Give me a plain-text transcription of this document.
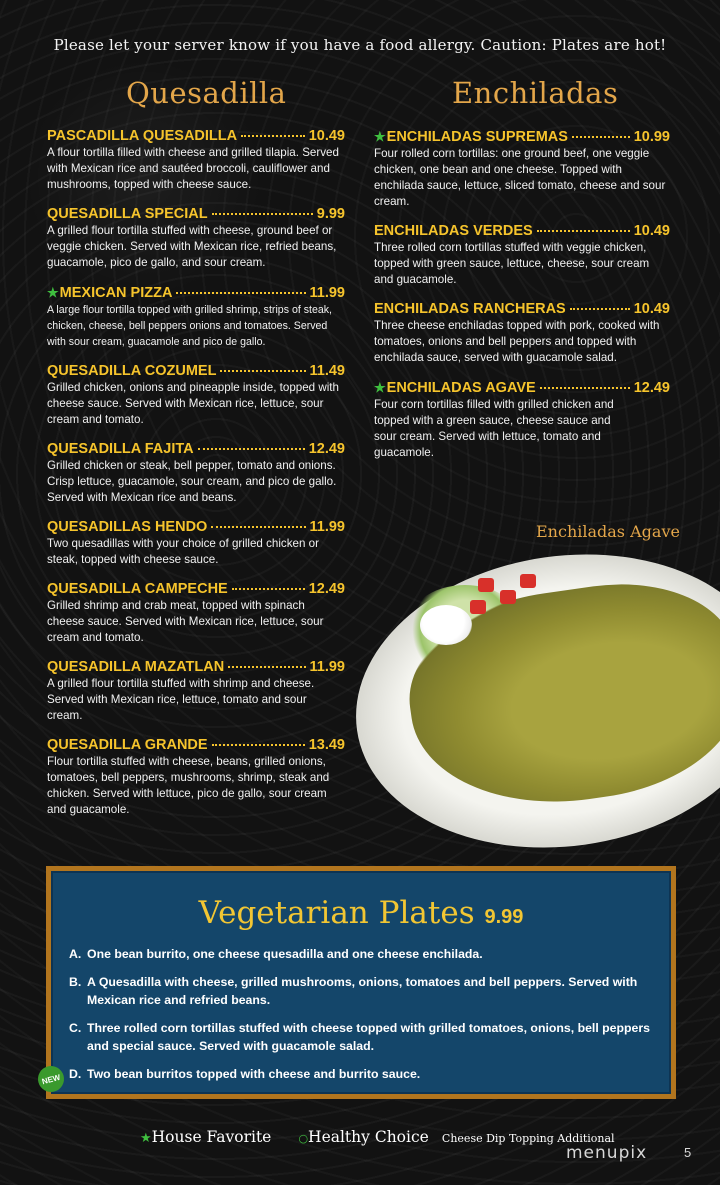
Please let your server know if you have a food allergy. Caution: Plates are hot!
Quesadilla	Enchiladas
PASCADILLA QUESADILLA	10.49
A flour tortilla filled with cheese and grilled tilapia. Served with Mexican rice and sautéed broccoli, cauliflower and mushrooms, topped with cheese sauce.
QUESADILLA SPECIAL	9.99
A grilled flour tortilla stuffed with cheese, ground beef or veggie chicken. Served with Mexican rice, refried beans, guacamole, pico de gallo, and sour cream.
★ MEXICAN PIZZA	11.99
A large flour tortilla topped with grilled shrimp, strips of steak, chicken, cheese, bell peppers onions and tomatoes. Served with sour cream, guacamole and pico de gallo.
QUESADILLA COZUMEL	11.49
Grilled chicken, onions and pineapple inside, topped with cheese sauce. Served with Mexican rice, lettuce, sour cream and tomato.
QUESADILLA FAJITA	12.49
Grilled chicken or steak, bell pepper, tomato and onions. Crisp lettuce, guacamole, sour cream, and pico de gallo. Served with Mexican rice and beans.
QUESADILLAS HENDO	11.99
Two quesadillas with your choice of grilled chicken or steak, topped with cheese sauce.
QUESADILLA CAMPECHE	12.49
Grilled shrimp and crab meat, topped with spinach cheese sauce. Served with Mexican rice, lettuce, sour cream and tomato.
QUESADILLA MAZATLAN	11.99
A grilled flour tortilla stuffed with shrimp and cheese. Served with Mexican rice, lettuce, tomato and sour cream.
QUESADILLA GRANDE	13.49
Flour tortilla stuffed with cheese, beans, grilled onions, tomatoes, bell peppers, mushrooms, shrimp, steak and chicken. Served with lettuce, pico de gallo, sour cream and guacamole.
★ ENCHILADAS SUPREMAS	10.99
Four rolled corn tortillas: one ground beef, one veggie chicken, one bean and one cheese. Topped with enchilada sauce, lettuce, sliced tomato, cheese and sour cream.
ENCHILADAS VERDES	10.49
Three rolled corn tortillas stuffed with veggie chicken, topped with green sauce, lettuce, cheese, sour cream and guacamole.
ENCHILADAS RANCHERAS	10.49
Three cheese enchiladas topped with pork, cooked with tomatoes, onions and bell peppers and topped with enchilada sauce, served with guacamole salad.
★ ENCHILADAS AGAVE	12.49
Four corn tortillas filled with grilled chicken and topped with a green sauce, cheese sauce and sour cream. Served with lettuce, tomato and guacamole.
Enchiladas Agave
Vegetarian Plates 9.99
A. One bean burrito, one cheese quesadilla and one cheese enchilada.
B. A Quesadilla with cheese, grilled mushrooms, onions, tomatoes and bell peppers. Served with Mexican rice and refried beans.
C. Three rolled corn tortillas stuffed with cheese topped with grilled tomatoes, onions, bell peppers and special sauce. Served with guacamole salad.
D. Two bean burritos topped with cheese and burrito sauce.
NEW
★House Favorite ○Healthy Choice Cheese Dip Topping Additional
menupix	5
